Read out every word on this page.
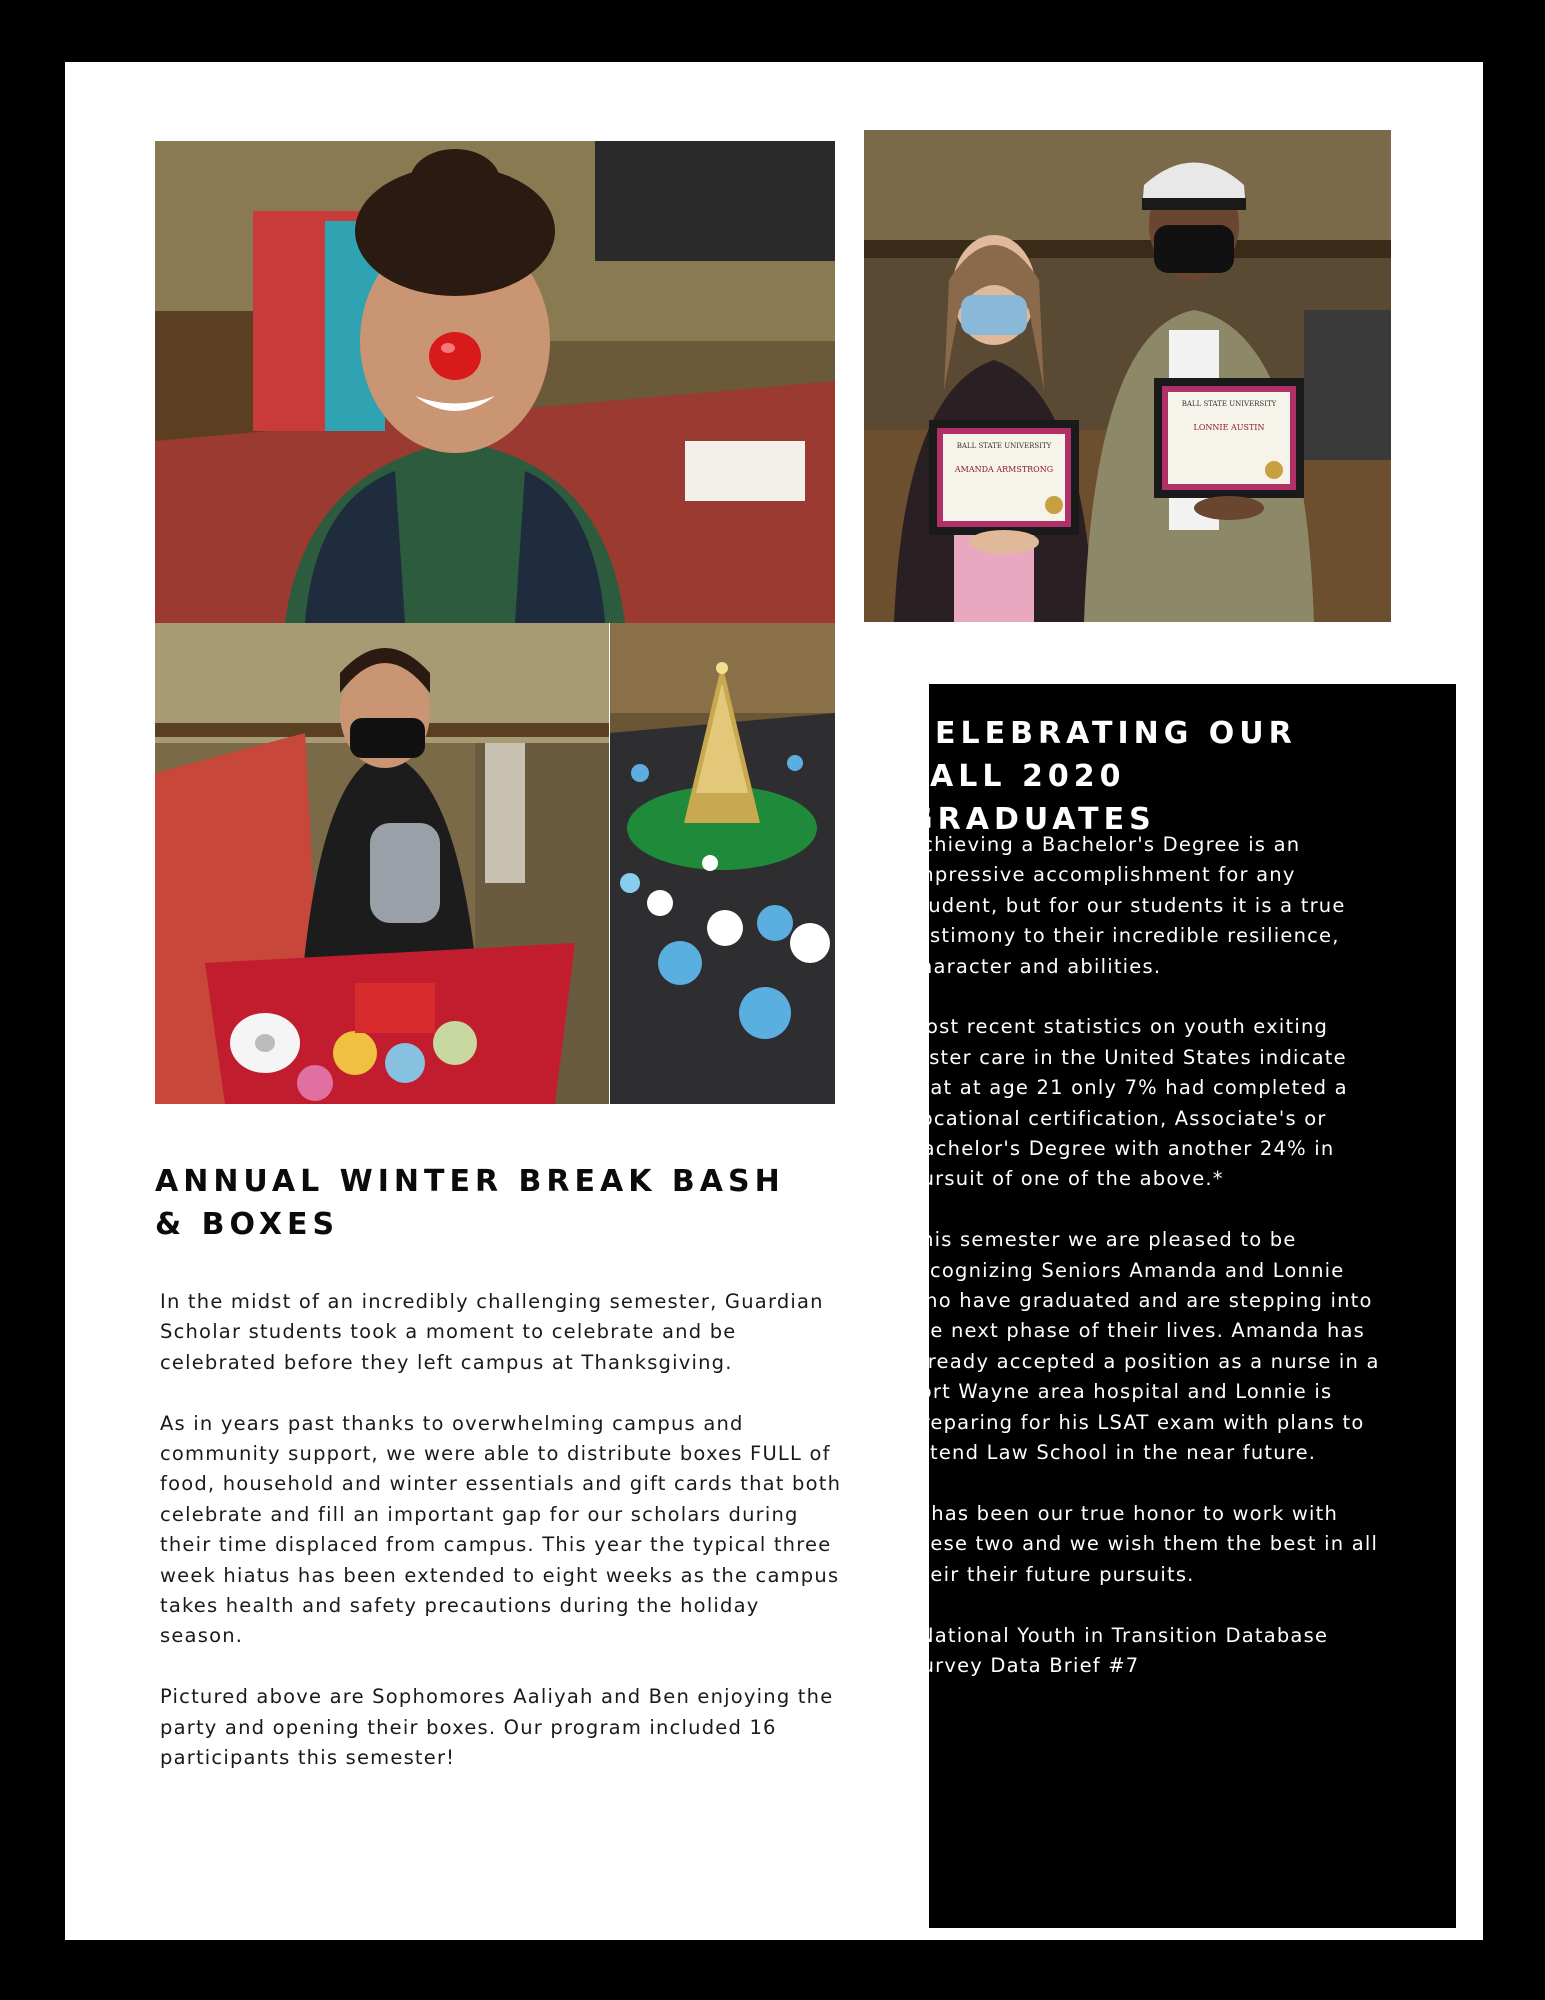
BALL STATE UNIVERSITY
AMANDA ARMSTRONG
BALL STATE UNIVERSITY
LONNIE AUSTIN
ANNUAL WINTER BREAK BASH & BOXES

In the midst of an incredibly challenging semester, Guardian Scholar students took a moment to celebrate and be celebrated before they left campus at Thanksgiving.

As in years past thanks to overwhelming campus and community support, we were able to distribute boxes FULL of food, household and winter essentials and gift cards that both celebrate and fill an important gap for our scholars during their time displaced from campus. This year the typical three week hiatus has been extended to eight weeks as the campus takes health and safety precautions during the holiday season.

Pictured above are Sophomores Aaliyah and Ben enjoying the party and opening their boxes. Our program included 16 participants this semester!

CELEBRATING OUR FALL 2020 GRADUATES

Achieving a Bachelor's Degree is an impressive accomplishment for any student, but for our students it is a true testimony to their incredible resilience, character and abilities.

Most recent statistics on youth exiting foster care in the United States indicate that at age 21 only 7% had completed a vocational certification, Associate's or Bachelor's Degree with another 24% in pursuit of one of the above.*

This semester we are pleased to be recognizing Seniors Amanda and Lonnie who have graduated and are stepping into the next phase of their lives. Amanda has already accepted a position as a nurse in a Fort Wayne area hospital and Lonnie is preparing for his LSAT exam with plans to attend Law School in the near future.

It has been our true honor to work with these two and we wish them the best in all their their future pursuits.

*National Youth in Transition Database Survey Data Brief #7
